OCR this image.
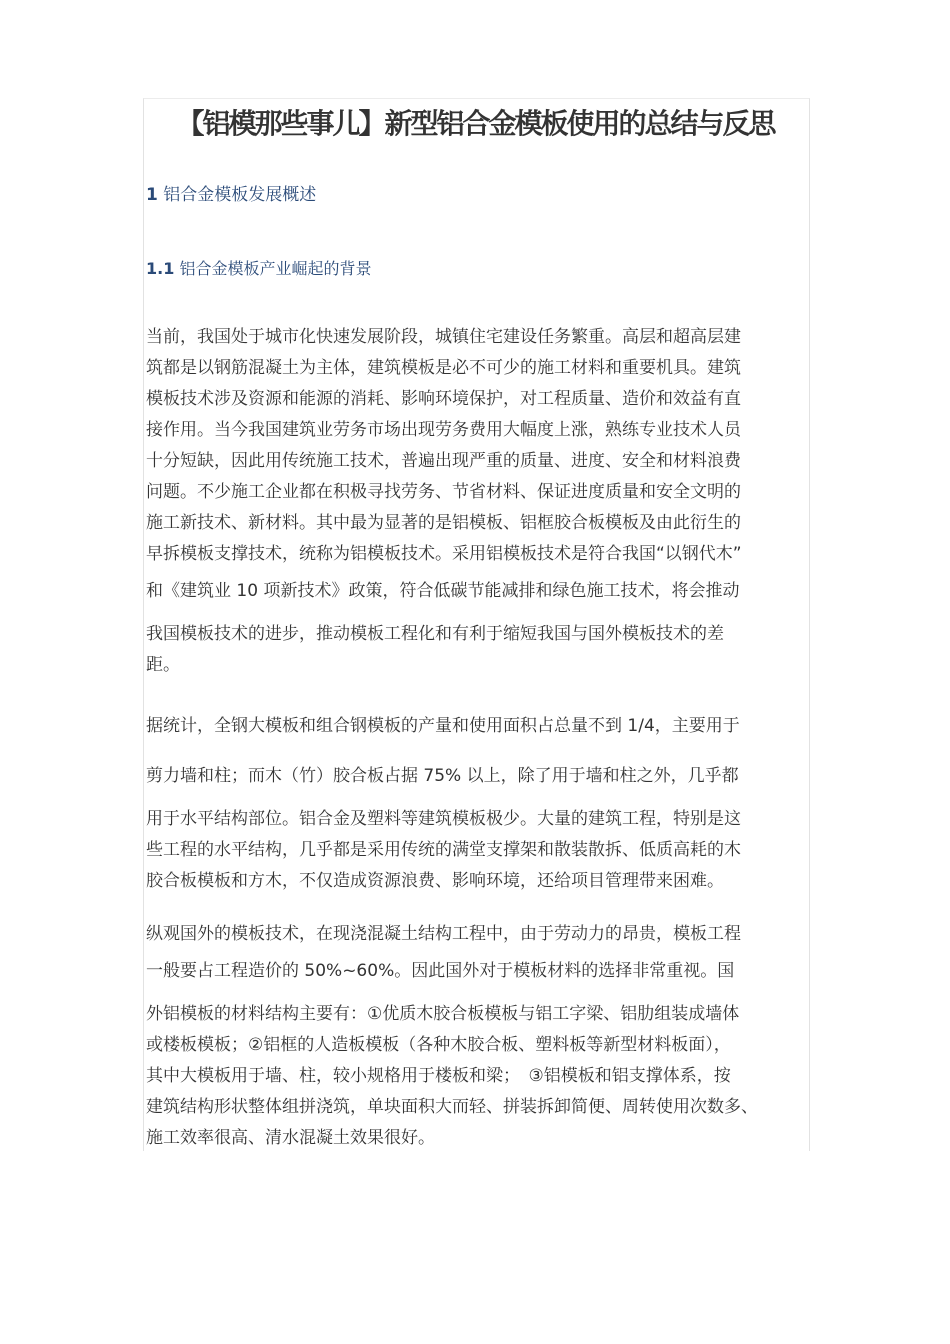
【铝模那些事儿】新型铝合金模板使用的总结与反思
1 铝合金模板发展概述
1.1 铝合金模板产业崛起的背景
当前，我国处于城市化快速发展阶段，城镇住宅建设任务繁重。高层和超高层建
筑都是以钢筋混凝土为主体，建筑模板是必不可少的施工材料和重要机具。建筑
模板技术涉及资源和能源的消耗、影响环境保护，对工程质量、造价和效益有直
接作用。当今我国建筑业劳务市场出现劳务费用大幅度上涨，熟练专业技术人员
十分短缺，因此用传统施工技术，普遍出现严重的质量、进度、安全和材料浪费
问题。不少施工企业都在积极寻找劳务、节省材料、保证进度质量和安全文明的
施工新技术、新材料。其中最为显著的是铝模板、铝框胶合板模板及由此衍生的
早拆模板支撑技术，统称为铝模板技术。采用铝模板技术是符合我国“以钢代木”
和《建筑业 10 项新技术》政策，符合低碳节能减排和绿色施工技术，将会推动
我国模板技术的进步，推动模板工程化和有利于缩短我国与国外模板技术的差
距。
据统计，全钢大模板和组合钢模板的产量和使用面积占总量不到 1/4，主要用于
剪力墙和柱；而木（竹）胶合板占据 75% 以上，除了用于墙和柱之外，几乎都
用于水平结构部位。铝合金及塑料等建筑模板极少。大量的建筑工程，特别是这
些工程的水平结构，几乎都是采用传统的满堂支撑架和散装散拆、低质高耗的木
胶合板模板和方木，不仅造成资源浪费、影响环境，还给项目管理带来困难。
纵观国外的模板技术，在现浇混凝土结构工程中，由于劳动力的昂贵，模板工程
一般要占工程造价的 50%~60%。因此国外对于模板材料的选择非常重视。国
外铝模板的材料结构主要有：①优质木胶合板模板与铝工字梁、铝肋组装成墙体
或楼板模板；②铝框的人造板模板（各种木胶合板、塑料板等新型材料板面），
其中大模板用于墙、柱，较小规格用于楼板和梁；　③铝模板和铝支撑体系，按
建筑结构形状整体组拼浇筑，单块面积大而轻、拼装拆卸简便、周转使用次数多、
施工效率很高、清水混凝土效果很好。
